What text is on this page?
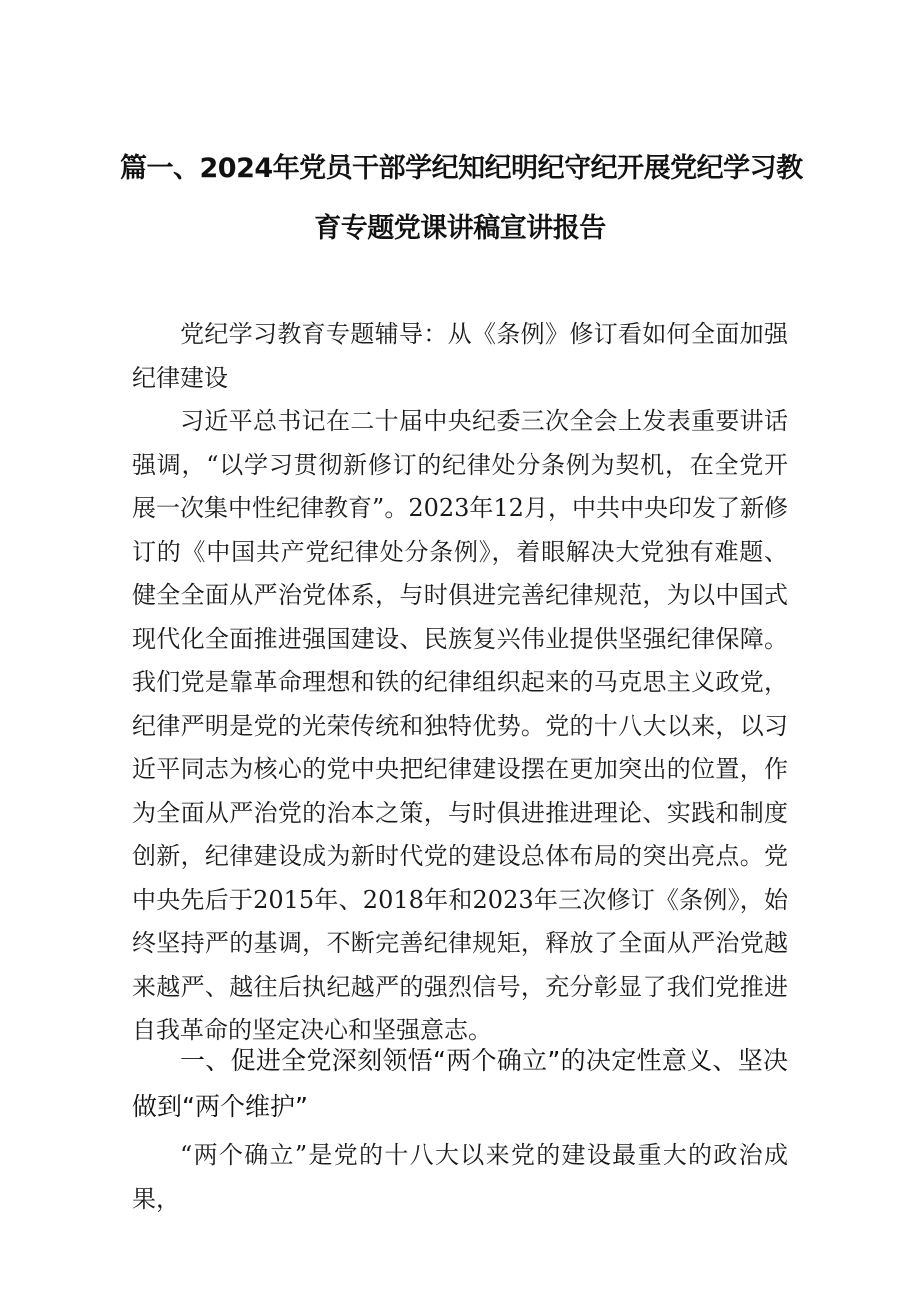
篇一、2024年党员干部学纪知纪明纪守纪开展党纪学习教
育专题党课讲稿宣讲报告

党纪学习教育专题辅导：从《条例》修订看如何全面加强纪律建设

习近平总书记在二十届中央纪委三次全会上发表重要讲话强调，“以学习贯彻新修订的纪律处分条例为契机，在全党开展一次集中性纪律教育”。2023年12月，中共中央印发了新修订的《中国共产党纪律处分条例》，着眼解决大党独有难题、健全全面从严治党体系，与时俱进完善纪律规范，为以中国式现代化全面推进强国建设、民族复兴伟业提供坚强纪律保障。我们党是靠革命理想和铁的纪律组织起来的马克思主义政党，纪律严明是党的光荣传统和独特优势。党的十八大以来，以习近平同志为核心的党中央把纪律建设摆在更加突出的位置，作为全面从严治党的治本之策，与时俱进推进理论、实践和制度创新，纪律建设成为新时代党的建设总体布局的突出亮点。党中央先后于2015年、2018年和2023年三次修订《条例》，始终坚持严的基调，不断完善纪律规矩，释放了全面从严治党越来越严、越往后执纪越严的强烈信号，充分彰显了我们党推进自我革命的坚定决心和坚强意志。

一、促进全党深刻领悟“两个确立”的决定性意义、坚决做到“两个维护”

“两个确立”是党的十八大以来党的建设最重大的政治成果，
